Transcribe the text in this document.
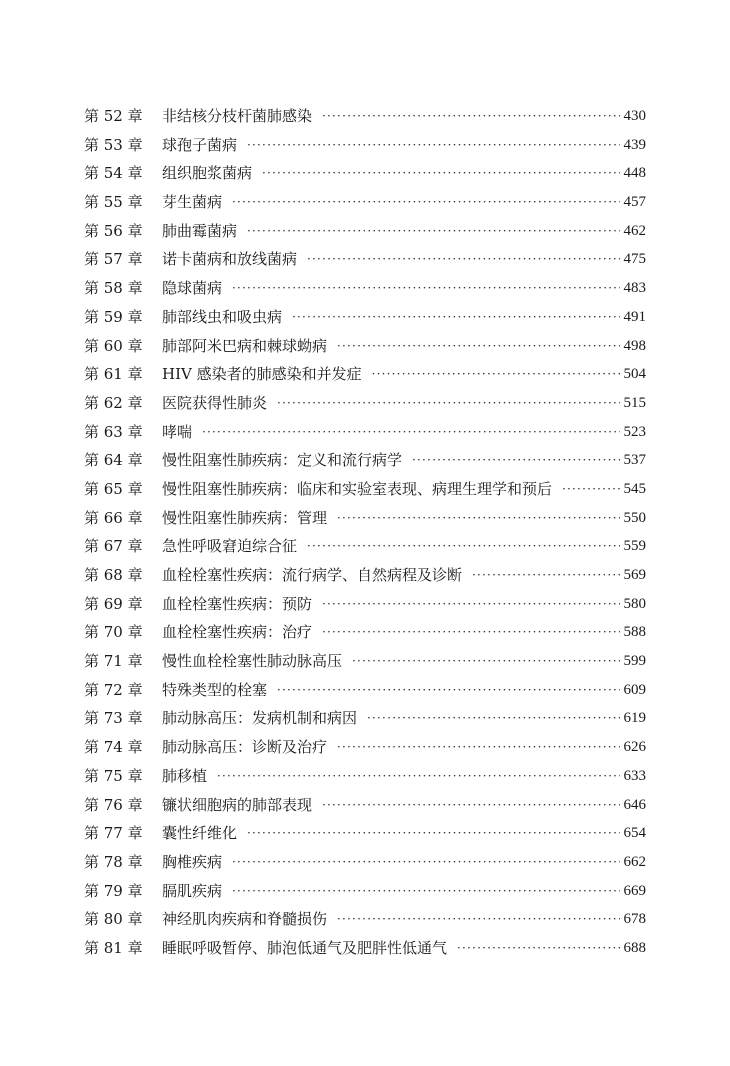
第 52 章	非结核分枝杆菌肺感染 ·····	430
第 53 章	球孢子菌病 ·····	439
第 54 章	组织胞浆菌病 ·····	448
第 55 章	芽生菌病 ·····	457
第 56 章	肺曲霉菌病 ·····	462
第 57 章	诺卡菌病和放线菌病 ·····	475
第 58 章	隐球菌病 ·····	483
第 59 章	肺部线虫和吸虫病 ·····	491
第 60 章	肺部阿米巴病和棘球蚴病 ·····	498
第 61 章	HIV 感染者的肺感染和并发症 ·····	504
第 62 章	医院获得性肺炎 ·····	515
第 63 章	哮喘 ·····	523
第 64 章	慢性阻塞性肺疾病：定义和流行病学 ·····	537
第 65 章	慢性阻塞性肺疾病：临床和实验室表现、病理生理学和预后 ·····	545
第 66 章	慢性阻塞性肺疾病：管理 ·····	550
第 67 章	急性呼吸窘迫综合征 ·····	559
第 68 章	血栓栓塞性疾病：流行病学、自然病程及诊断 ·····	569
第 69 章	血栓栓塞性疾病：预防 ·····	580
第 70 章	血栓栓塞性疾病：治疗 ·····	588
第 71 章	慢性血栓栓塞性肺动脉高压 ·····	599
第 72 章	特殊类型的栓塞 ·····	609
第 73 章	肺动脉高压：发病机制和病因 ·····	619
第 74 章	肺动脉高压：诊断及治疗 ·····	626
第 75 章	肺移植 ·····	633
第 76 章	镰状细胞病的肺部表现 ·····	646
第 77 章	囊性纤维化 ·····	654
第 78 章	胸椎疾病 ·····	662
第 79 章	膈肌疾病 ·····	669
第 80 章	神经肌肉疾病和脊髓损伤 ·····	678
第 81 章	睡眠呼吸暂停、肺泡低通气及肥胖性低通气 ·····	688
